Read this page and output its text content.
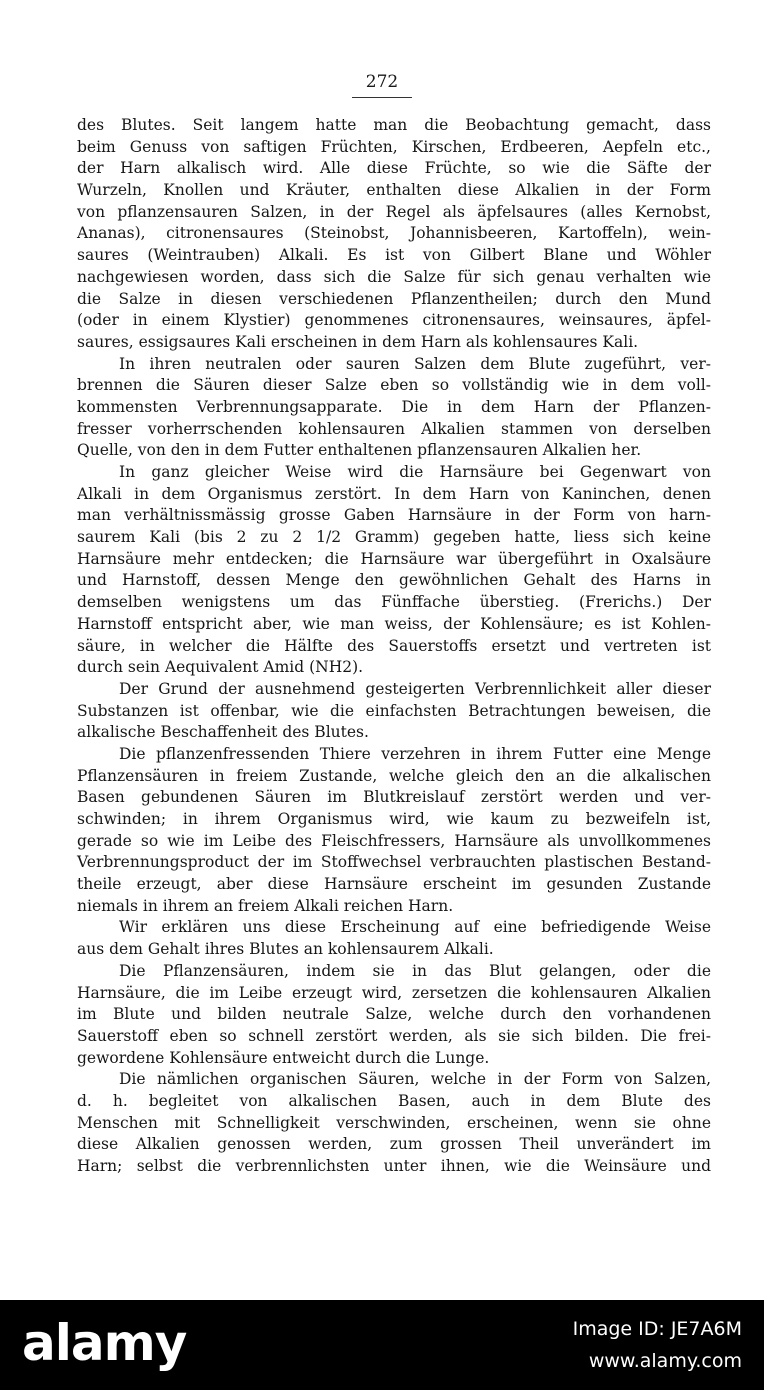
272
des Blutes. Seit langem hatte man die Beobachtung gemacht, dass
beim Genuss von saftigen Früchten, Kirschen, Erdbeeren, Aepfeln etc.,
der Harn alkalisch wird. Alle diese Früchte, so wie die Säfte der
Wurzeln, Knollen und Kräuter, enthalten diese Alkalien in der Form
von pflanzensauren Salzen, in der Regel als äpfelsaures (alles Kernobst,
Ananas), citronensaures (Steinobst, Johannisbeeren, Kartoffeln), wein-
saures (Weintrauben) Alkali. Es ist von Gilbert Blane und Wöhler
nachgewiesen worden, dass sich die Salze für sich genau verhalten wie
die Salze in diesen verschiedenen Pflanzentheilen; durch den Mund
(oder in einem Klystier) genommenes citronensaures, weinsaures, äpfel-
saures, essigsaures Kali erscheinen in dem Harn als kohlensaures Kali.
In ihren neutralen oder sauren Salzen dem Blute zugeführt, ver-
brennen die Säuren dieser Salze eben so vollständig wie in dem voll-
kommensten Verbrennungsapparate. Die in dem Harn der Pflanzen-
fresser vorherrschenden kohlensauren Alkalien stammen von derselben
Quelle, von den in dem Futter enthaltenen pflanzensauren Alkalien her.
In ganz gleicher Weise wird die Harnsäure bei Gegenwart von
Alkali in dem Organismus zerstört. In dem Harn von Kaninchen, denen
man verhältnissmässig grosse Gaben Harnsäure in der Form von harn-
saurem Kali (bis 2 zu 2 1/2 Gramm) gegeben hatte, liess sich keine
Harnsäure mehr entdecken; die Harnsäure war übergeführt in Oxalsäure
und Harnstoff, dessen Menge den gewöhnlichen Gehalt des Harns in
demselben wenigstens um das Fünffache überstieg. (Frerichs.) Der
Harnstoff entspricht aber, wie man weiss, der Kohlensäure; es ist Kohlen-
säure, in welcher die Hälfte des Sauerstoffs ersetzt und vertreten ist
durch sein Aequivalent Amid (NH2).
Der Grund der ausnehmend gesteigerten Verbrennlichkeit aller dieser
Substanzen ist offenbar, wie die einfachsten Betrachtungen beweisen, die
alkalische Beschaffenheit des Blutes.
Die pflanzenfressenden Thiere verzehren in ihrem Futter eine Menge
Pflanzensäuren in freiem Zustande, welche gleich den an die alkalischen
Basen gebundenen Säuren im Blutkreislauf zerstört werden und ver-
schwinden; in ihrem Organismus wird, wie kaum zu bezweifeln ist,
gerade so wie im Leibe des Fleischfressers, Harnsäure als unvollkommenes
Verbrennungsproduct der im Stoffwechsel verbrauchten plastischen Bestand-
theile erzeugt, aber diese Harnsäure erscheint im gesunden Zustande
niemals in ihrem an freiem Alkali reichen Harn.
Wir erklären uns diese Erscheinung auf eine befriedigende Weise
aus dem Gehalt ihres Blutes an kohlensaurem Alkali.
Die Pflanzensäuren, indem sie in das Blut gelangen, oder die
Harnsäure, die im Leibe erzeugt wird, zersetzen die kohlensauren Alkalien
im Blute und bilden neutrale Salze, welche durch den vorhandenen
Sauerstoff eben so schnell zerstört werden, als sie sich bilden. Die frei-
gewordene Kohlensäure entweicht durch die Lunge.
Die nämlichen organischen Säuren, welche in der Form von Salzen,
d. h. begleitet von alkalischen Basen, auch in dem Blute des
Menschen mit Schnelligkeit verschwinden, erscheinen, wenn sie ohne
diese Alkalien genossen werden, zum grossen Theil unverändert im
Harn; selbst die verbrennlichsten unter ihnen, wie die Weinsäure und
alamy	Image ID: JE7A6M
www.alamy.com
